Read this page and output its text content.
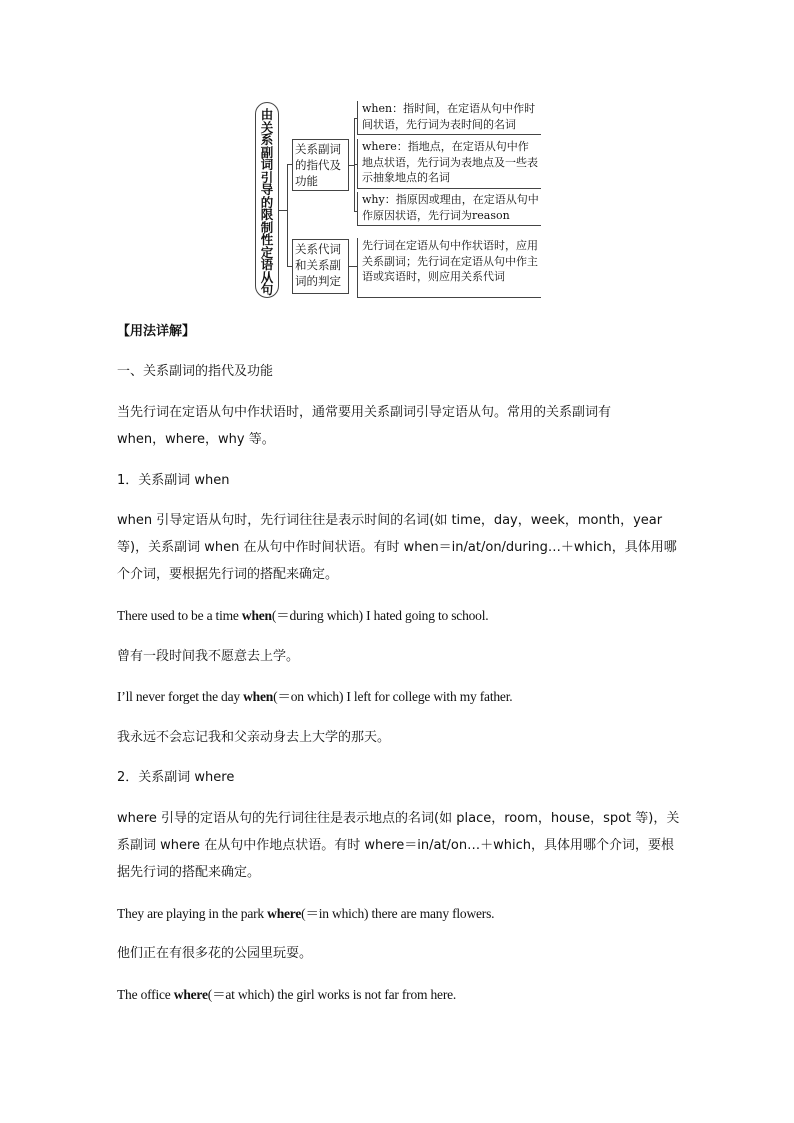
由
关
系
副
词
引
导
的
限
制
性
定
语
从
句
关系副词的指代及功能
关系代词和关系副词的判定
when：指时间，在定语从句中作时间状语，先行词为表时间的名词
where：指地点，在定语从句中作地点状语，先行词为表地点及一些表示抽象地点的名词
why：指原因或理由，在定语从句中作原因状语，先行词为reason
先行词在定语从句中作状语时，应用关系副词；先行词在定语从句中作主语或宾语时，则应用关系代词

【用法详解】

一、关系副词的指代及功能

当先行词在定语从句中作状语时，通常要用关系副词引导定语从句。常用的关系副词有

when，where，why 等。

1．关系副词 when

when 引导定语从句时，先行词往往是表示时间的名词(如 time，day，week，month，year

等)，关系副词 when 在从句中作时间状语。有时 when＝in/at/on/during…＋which，具体用哪

个介词，要根据先行词的搭配来确定。

There used to be a time when(＝during which) I hated going to school.

曾有一段时间我不愿意去上学。

I’ll never forget the day when(＝on which) I left for college with my father.

我永远不会忘记我和父亲动身去上大学的那天。

2．关系副词 where

where 引导的定语从句的先行词往往是表示地点的名词(如 place，room，house，spot 等)，关

系副词 where 在从句中作地点状语。有时 where＝in/at/on…＋which，具体用哪个介词，要根

据先行词的搭配来确定。

They are playing in the park where(＝in which) there are many flowers.

他们正在有很多花的公园里玩耍。

The office where(＝at which) the girl works is not far from here.
